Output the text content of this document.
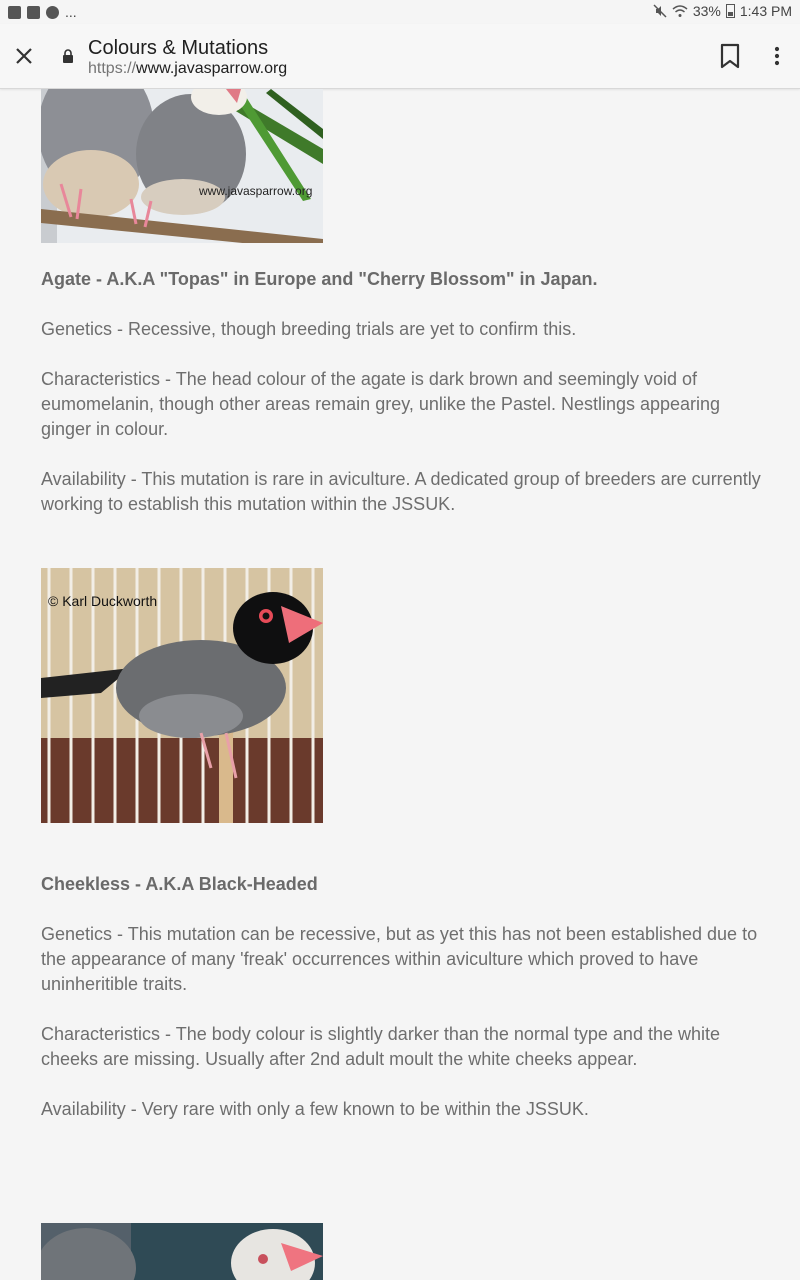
...	33% 1:43 PM
Colours & Mutations
https://www.javasparrow.org
www.javasparrow.org
Agate - A.K.A "Topas" in Europe and "Cherry Blossom" in Japan.
Genetics - Recessive, though breeding trials are yet to confirm this.
Characteristics - The head colour of the agate is dark brown and seemingly void of eumomelanin, though other areas remain grey, unlike the Pastel. Nestlings appearing ginger in colour.
Availability - This mutation is rare in aviculture. A dedicated group of breeders are currently working to establish this mutation within the JSSUK.
© Karl Duckworth
Cheekless - A.K.A Black-Headed
Genetics - This mutation can be recessive, but as yet this has not been established due to the appearance of many 'freak' occurrences within aviculture which proved to have uninheritible traits.
Characteristics - The body colour is slightly darker than the normal type and the white cheeks are missing. Usually after 2nd adult moult the white cheeks appear.
Availability - Very rare with only a few known to be within the JSSUK.
